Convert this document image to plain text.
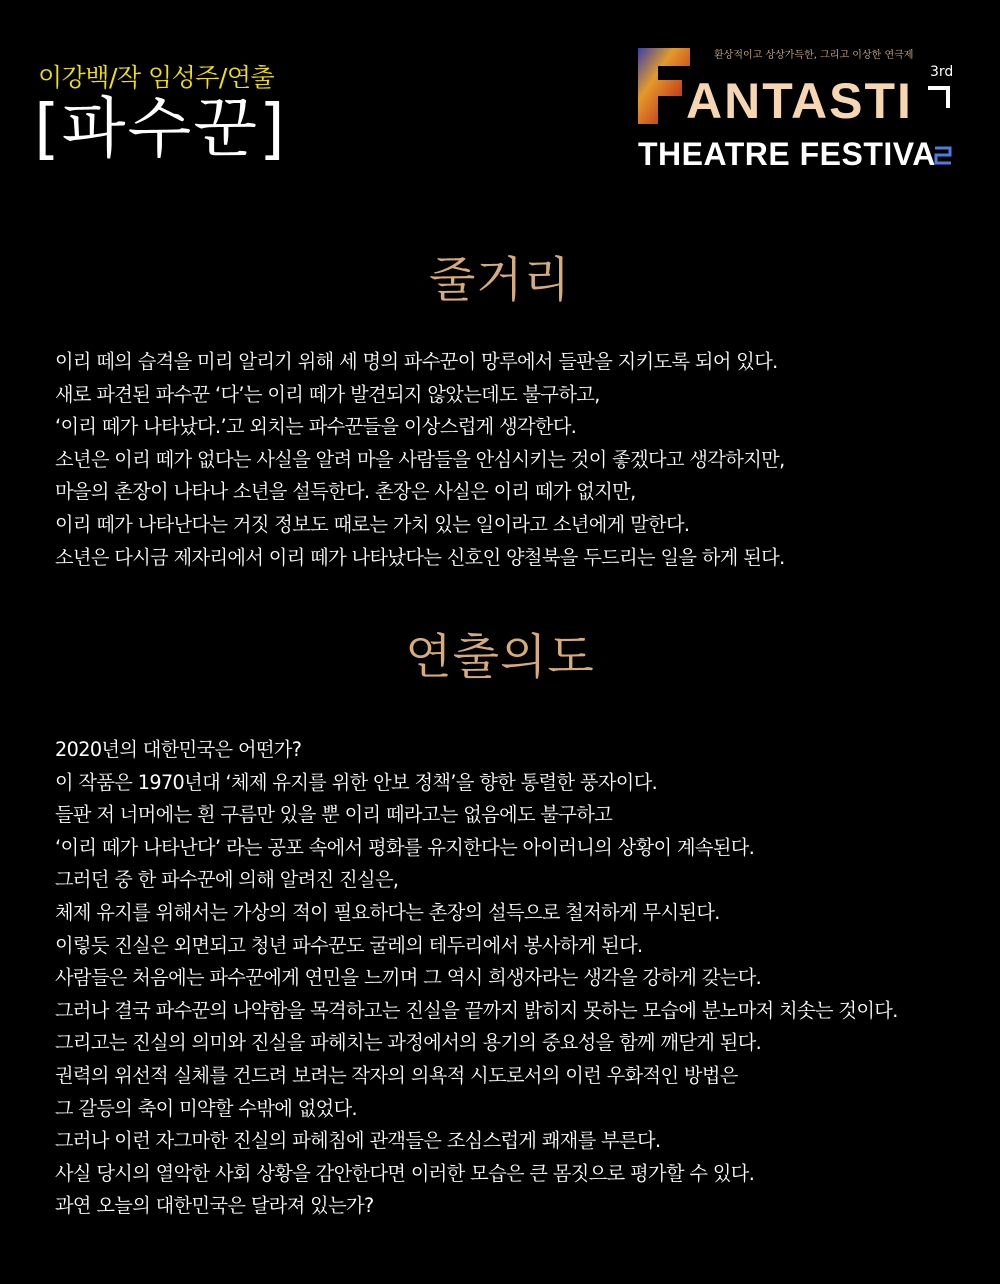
이강백/작 임성주/연출
[파수꾼]
환상적이고 상상가득한, 그리고 이상한 연극제
3rd
ANTASTI
THEATRE FESTIVA
줄거리
이리 떼의 습격을 미리 알리기 위해 세 명의 파수꾼이 망루에서 들판을 지키도록 되어 있다.
새로 파견된 파수꾼 ‘다’는 이리 떼가 발견되지 않았는데도 불구하고,
‘이리 떼가 나타났다.’고 외치는 파수꾼들을 이상스럽게 생각한다.
소년은 이리 떼가 없다는 사실을 알려 마을 사람들을 안심시키는 것이 좋겠다고 생각하지만,
마을의 촌장이 나타나 소년을 설득한다. 촌장은 사실은 이리 떼가 없지만,
이리 떼가 나타난다는 거짓 정보도 때로는 가치 있는 일이라고 소년에게 말한다.
소년은 다시금 제자리에서 이리 떼가 나타났다는 신호인 양철북을 두드리는 일을 하게 된다.
연출의도
2020년의 대한민국은 어떤가?
이 작품은 1970년대 ‘체제 유지를 위한 안보 정책’을 향한 통렬한 풍자이다.
들판 저 너머에는 흰 구름만 있을 뿐 이리 떼라고는 없음에도 불구하고
‘이리 떼가 나타난다’ 라는 공포 속에서 평화를 유지한다는 아이러니의 상황이 계속된다.
그러던 중 한 파수꾼에 의해 알려진 진실은,
체제 유지를 위해서는 가상의 적이 필요하다는 촌장의 설득으로 철저하게 무시된다.
이렇듯 진실은 외면되고 청년 파수꾼도 굴레의 테두리에서 봉사하게 된다.
사람들은 처음에는 파수꾼에게 연민을 느끼며 그 역시 희생자라는 생각을 강하게 갖는다.
그러나 결국 파수꾼의 나약함을 목격하고는 진실을 끝까지 밝히지 못하는 모습에 분노마저 치솟는 것이다.
그리고는 진실의 의미와 진실을 파헤치는 과정에서의 용기의 중요성을 함께 깨닫게 된다.
권력의 위선적 실체를 건드려 보려는 작자의 의욕적 시도로서의 이런 우화적인 방법은
그 갈등의 축이 미약할 수밖에 없었다.
그러나 이런 자그마한 진실의 파헤침에 관객들은 조심스럽게 쾌재를 부른다.
사실 당시의 열악한 사회 상황을 감안한다면 이러한 모습은 큰 몸짓으로 평가할 수 있다.
과연 오늘의 대한민국은 달라져 있는가?
